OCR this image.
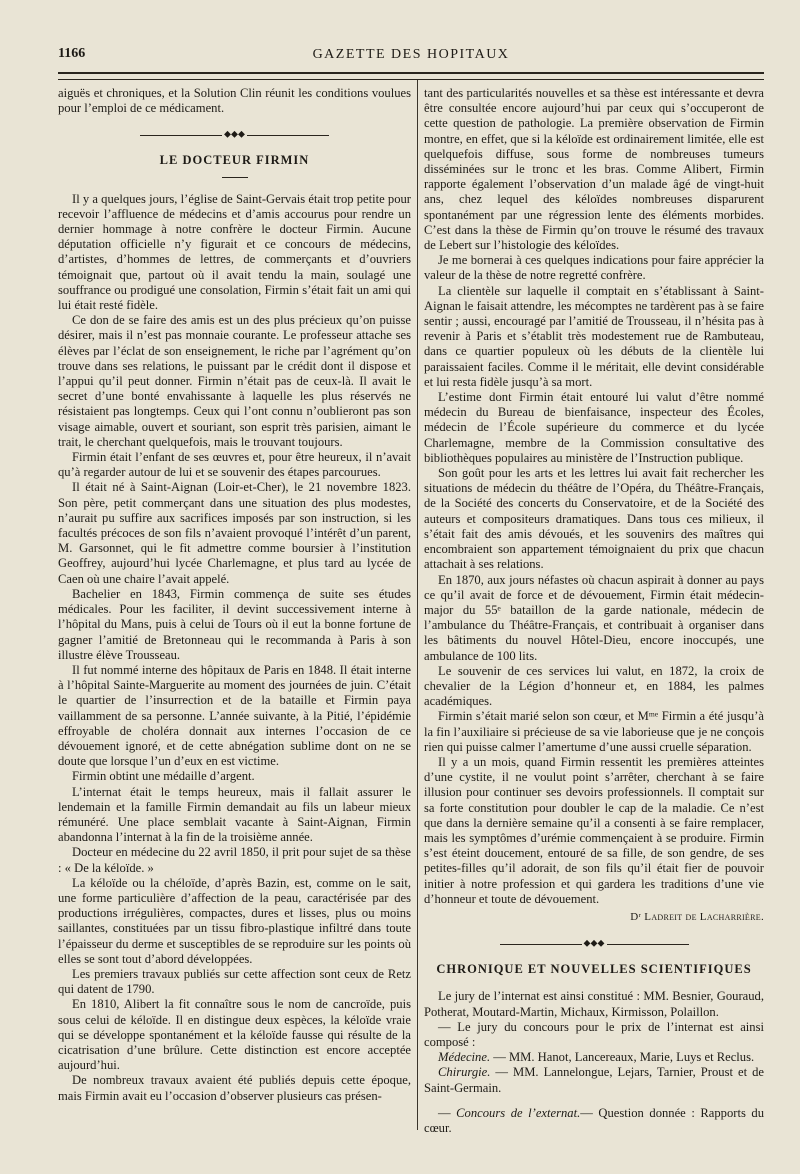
1166	GAZETTE DES HOPITAUX

aiguës et chroniques, et la Solution Clin réunit les conditions voulues pour l’emploi de ce médicament.

⬥⬥⬥
LE DOCTEUR FIRMIN

Il y a quelques jours, l’église de Saint-Gervais était trop petite pour recevoir l’affluence de médecins et d’amis accourus pour rendre un dernier hommage à notre confrère le docteur Firmin. Aucune députation officielle n’y figurait et ce concours de médecins, d’artistes, d’hommes de lettres, de commerçants et d’ouvriers témoignait que, partout où il avait tendu la main, soulagé une souffrance ou prodigué une consolation, Firmin s’était fait un ami qui lui était resté fidèle.

Ce don de se faire des amis est un des plus précieux qu’on puisse désirer, mais il n’est pas monnaie courante. Le professeur attache ses élèves par l’éclat de son enseignement, le riche par l’agrément qu’on trouve dans ses relations, le puissant par le crédit dont il dispose et l’appui qu’il peut donner. Firmin n’était pas de ceux-là. Il avait le secret d’une bonté envahissante à laquelle les plus réservés ne résistaient pas longtemps. Ceux qui l’ont connu n’oublieront pas son visage aimable, ouvert et souriant, son esprit très parisien, aimant le trait, le cherchant quelquefois, mais le trouvant toujours.

Firmin était l’enfant de ses œuvres et, pour être heureux, il n’avait qu’à regarder autour de lui et se souvenir des étapes parcourues.

Il était né à Saint-Aignan (Loir-et-Cher), le 21 novembre 1823. Son père, petit commerçant dans une situation des plus modestes, n’aurait pu suffire aux sacrifices imposés par son instruction, si les facultés précoces de son fils n’avaient provoqué l’intérêt d’un parent, M. Garsonnet, qui le fit admettre comme boursier à l’institution Geoffrey, aujourd’hui lycée Charlemagne, et plus tard au lycée de Caen où une chaire l’avait appelé.

Bachelier en 1843, Firmin commença de suite ses études médicales. Pour les faciliter, il devint successivement interne à l’hôpital du Mans, puis à celui de Tours où il eut la bonne fortune de gagner l’amitié de Bretonneau qui le recommanda à Paris à son illustre élève Trousseau.

Il fut nommé interne des hôpitaux de Paris en 1848. Il était interne à l’hôpital Sainte-Marguerite au moment des journées de juin. C’était le quartier de l’insurrection et de la bataille et Firmin paya vaillamment de sa personne. L’année suivante, à la Pitié, l’épidémie effroyable de choléra donnait aux internes l’occasion de ce dévouement ignoré, et de cette abnégation sublime dont on ne se doute que lorsque l’un d’eux en est victime.

Firmin obtint une médaille d’argent.

L’internat était le temps heureux, mais il fallait assurer le lendemain et la famille Firmin demandait au fils un labeur mieux rémunéré. Une place semblait vacante à Saint-Aignan, Firmin abandonna l’internat à la fin de la troisième année.

Docteur en médecine du 22 avril 1850, il prit pour sujet de sa thèse : « De la kéloïde. »

La kéloïde ou la chéloïde, d’après Bazin, est, comme on le sait, une forme particulière d’affection de la peau, caractérisée par des productions irrégulières, compactes, dures et lisses, plus ou moins saillantes, constituées par un tissu fibro-plastique infiltré dans toute l’épaisseur du derme et susceptibles de se reproduire sur les points où elles se sont tout d’abord développées.

Les premiers travaux publiés sur cette affection sont ceux de Retz qui datent de 1790.

En 1810, Alibert la fit connaître sous le nom de cancroïde, puis sous celui de kéloïde. Il en distingue deux espèces, la kéloïde vraie qui se développe spontanément et la kéloïde fausse qui résulte de la cicatrisation d’une brûlure. Cette distinction est encore acceptée aujourd’hui.

De nombreux travaux avaient été publiés depuis cette époque, mais Firmin avait eu l’occasion d’observer plusieurs cas présen-

tant des particularités nouvelles et sa thèse est intéressante et devra être consultée encore aujourd’hui par ceux qui s’occuperont de cette question de pathologie. La première observation de Firmin montre, en effet, que si la kéloïde est ordinairement limitée, elle est quelquefois diffuse, sous forme de nombreuses tumeurs disséminées sur le tronc et les bras. Comme Alibert, Firmin rapporte également l’observation d’un malade âgé de vingt-huit ans, chez lequel des kéloïdes nombreuses disparurent spontanément par une régression lente des éléments morbides. C’est dans la thèse de Firmin qu’on trouve le résumé des travaux de Lebert sur l’histologie des kéloïdes.

Je me bornerai à ces quelques indications pour faire apprécier la valeur de la thèse de notre regretté confrère.

La clientèle sur laquelle il comptait en s’établissant à Saint-Aignan le faisait attendre, les mécomptes ne tardèrent pas à se faire sentir ; aussi, encouragé par l’amitié de Trousseau, il n’hésita pas à revenir à Paris et s’établit très modestement rue de Rambuteau, dans ce quartier populeux où les débuts de la clientèle lui paraissaient faciles. Comme il le méritait, elle devint considérable et lui resta fidèle jusqu’à sa mort.

L’estime dont Firmin était entouré lui valut d’être nommé médecin du Bureau de bienfaisance, inspecteur des Écoles, médecin de l’École supérieure du commerce et du lycée Charlemagne, membre de la Commission consultative des bibliothèques populaires au ministère de l’Instruction publique.

Son goût pour les arts et les lettres lui avait fait rechercher les situations de médecin du théâtre de l’Opéra, du Théâtre-Français, de la Société des concerts du Conservatoire, et de la Société des auteurs et compositeurs dramatiques. Dans tous ces milieux, il s’était fait des amis dévoués, et les souvenirs des maîtres qui encombraient son appartement témoignaient du prix que chacun attachait à ses relations.

En 1870, aux jours néfastes où chacun aspirait à donner au pays ce qu’il avait de force et de dévouement, Firmin était médecin-major du 55ᵉ bataillon de la garde nationale, médecin de l’ambulance du Théâtre-Français, et contribuait à organiser dans les bâtiments du nouvel Hôtel-Dieu, encore inoccupés, une ambulance de 100 lits.

Le souvenir de ces services lui valut, en 1872, la croix de chevalier de la Légion d’honneur et, en 1884, les palmes académiques.

Firmin s’était marié selon son cœur, et Mᵐᵉ Firmin a été jusqu’à la fin l’auxiliaire si précieuse de sa vie laborieuse que je ne conçois rien qui puisse calmer l’amertume d’une aussi cruelle séparation.

Il y a un mois, quand Firmin ressentit les premières atteintes d’une cystite, il ne voulut point s’arrêter, cherchant à se faire illusion pour continuer ses devoirs professionnels. Il comptait sur sa forte constitution pour doubler le cap de la maladie. Ce n’est que dans la dernière semaine qu’il a consenti à se faire remplacer, mais les symptômes d’urémie commençaient à se produire. Firmin s’est éteint doucement, entouré de sa fille, de son gendre, de ses petites-filles qu’il adorait, de son fils qu’il était fier de pouvoir initier à notre profession et qui gardera les traditions d’une vie d’honneur et toute de dévouement.

Dʳ Ladreit de Lacharrière.
⬥⬥⬥
CHRONIQUE ET NOUVELLES SCIENTIFIQUES

Le jury de l’internat est ainsi constitué : MM. Besnier, Gouraud, Potherat, Moutard-Martin, Michaux, Kirmisson, Polaillon.

— Le jury du concours pour le prix de l’internat est ainsi composé :

Médecine. — MM. Hanot, Lancereaux, Marie, Luys et Reclus.

Chirurgie. — MM. Lannelongue, Lejars, Tarnier, Proust et de Saint-Germain.

— Concours de l’externat.— Question donnée : Rapports du cœur.
